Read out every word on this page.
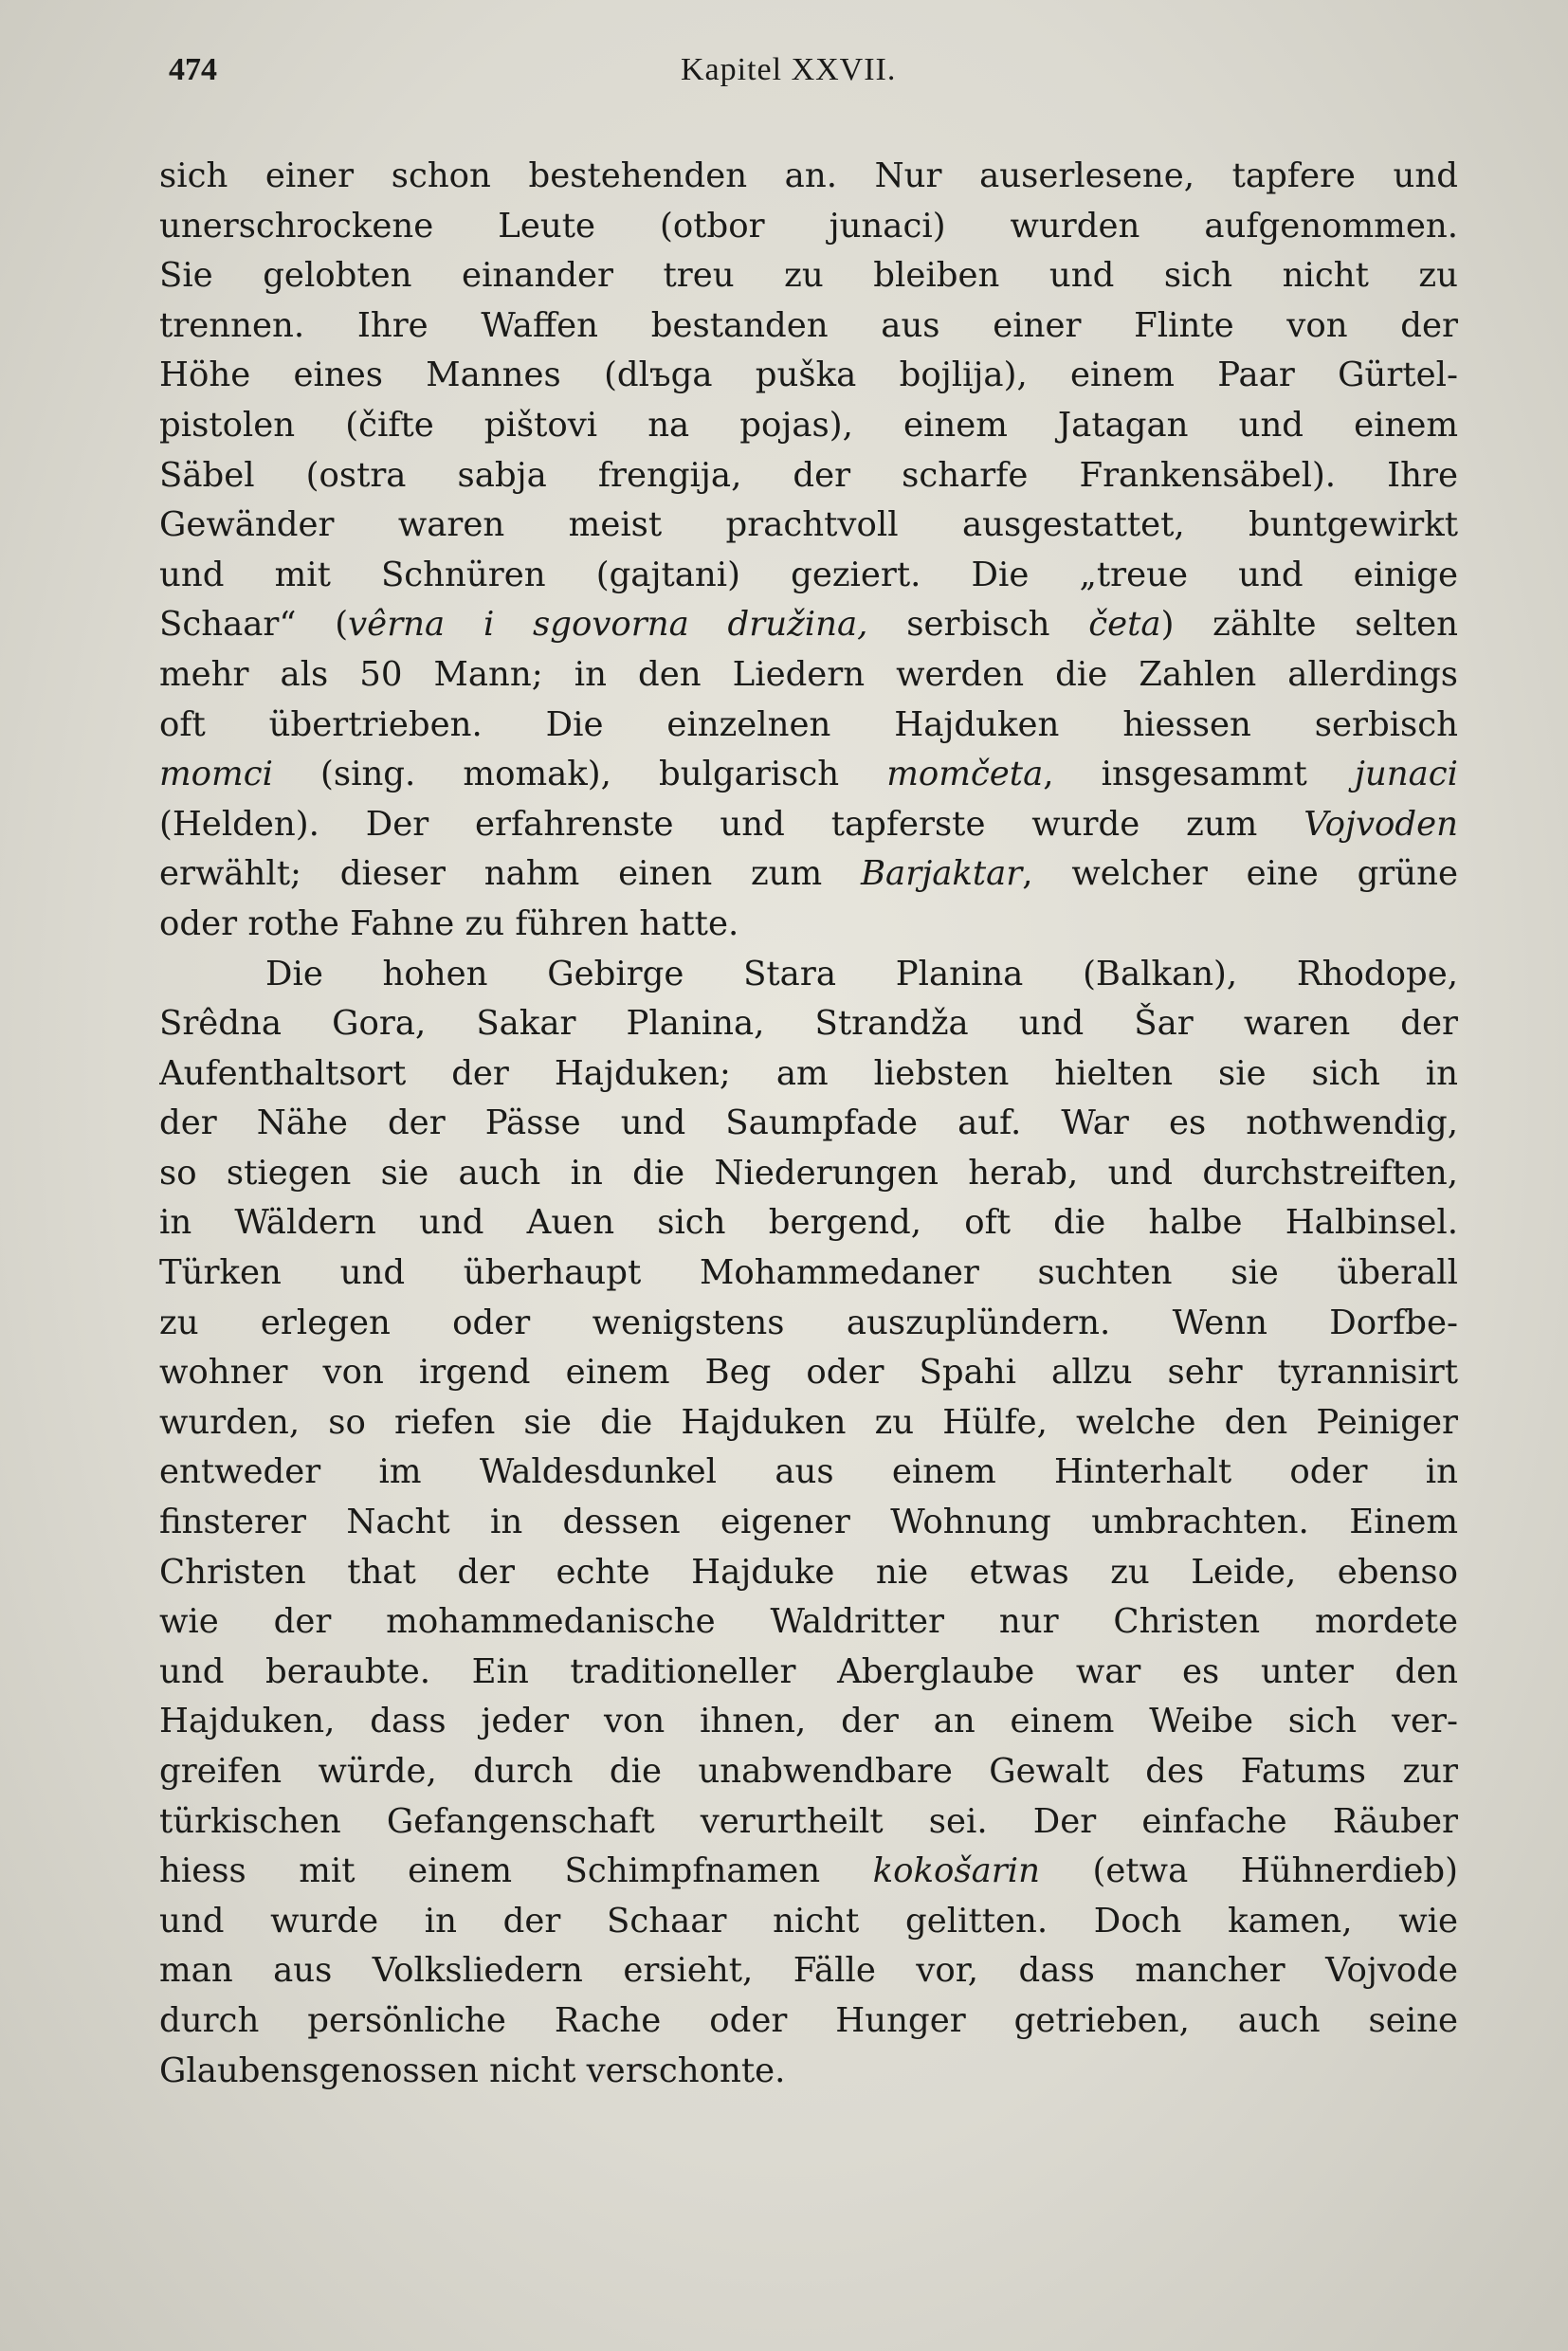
474	Kapitel XXVII.
sich einer schon bestehenden an. Nur auserlesene, tapfere und
unerschrockene Leute (otbor junaci) wurden aufgenommen.
Sie gelobten einander treu zu bleiben und sich nicht zu
trennen. Ihre Waffen bestanden aus einer Flinte von der
Höhe eines Mannes (dlъga puška bojlija), einem Paar Gürtel-
pistolen (čifte pištovi na pojas), einem Jatagan und einem
Säbel (ostra sabja frengija, der scharfe Frankensäbel). Ihre
Gewänder waren meist prachtvoll ausgestattet, buntgewirkt
und mit Schnüren (gajtani) geziert. Die „treue und einige
Schaar“ (vêrna i sgovorna družina, serbisch četa) zählte selten
mehr als 50 Mann; in den Liedern werden die Zahlen allerdings
oft übertrieben. Die einzelnen Hajduken hiessen serbisch
momci (sing. momak), bulgarisch momčeta, insgesammt junaci
(Helden). Der erfahrenste und tapferste wurde zum Vojvoden
erwählt; dieser nahm einen zum Barjaktar, welcher eine grüne
oder rothe Fahne zu führen hatte.
Die hohen Gebirge Stara Planina (Balkan), Rhodope,
Srêdna Gora, Sakar Planina, Strandža und Šar waren der
Aufenthaltsort der Hajduken; am liebsten hielten sie sich in
der Nähe der Pässe und Saumpfade auf. War es nothwendig,
so stiegen sie auch in die Niederungen herab, und durchstreiften,
in Wäldern und Auen sich bergend, oft die halbe Halbinsel.
Türken und überhaupt Mohammedaner suchten sie überall
zu erlegen oder wenigstens auszuplündern. Wenn Dorfbe-
wohner von irgend einem Beg oder Spahi allzu sehr tyrannisirt
wurden, so riefen sie die Hajduken zu Hülfe, welche den Peiniger
entweder im Waldesdunkel aus einem Hinterhalt oder in
finsterer Nacht in dessen eigener Wohnung umbrachten. Einem
Christen that der echte Hajduke nie etwas zu Leide, ebenso
wie der mohammedanische Waldritter nur Christen mordete
und beraubte. Ein traditioneller Aberglaube war es unter den
Hajduken, dass jeder von ihnen, der an einem Weibe sich ver-
greifen würde, durch die unabwendbare Gewalt des Fatums zur
türkischen Gefangenschaft verurtheilt sei. Der einfache Räuber
hiess mit einem Schimpfnamen kokošarin (etwa Hühnerdieb)
und wurde in der Schaar nicht gelitten. Doch kamen, wie
man aus Volksliedern ersieht, Fälle vor, dass mancher Vojvode
durch persönliche Rache oder Hunger getrieben, auch seine
Glaubensgenossen nicht verschonte.
